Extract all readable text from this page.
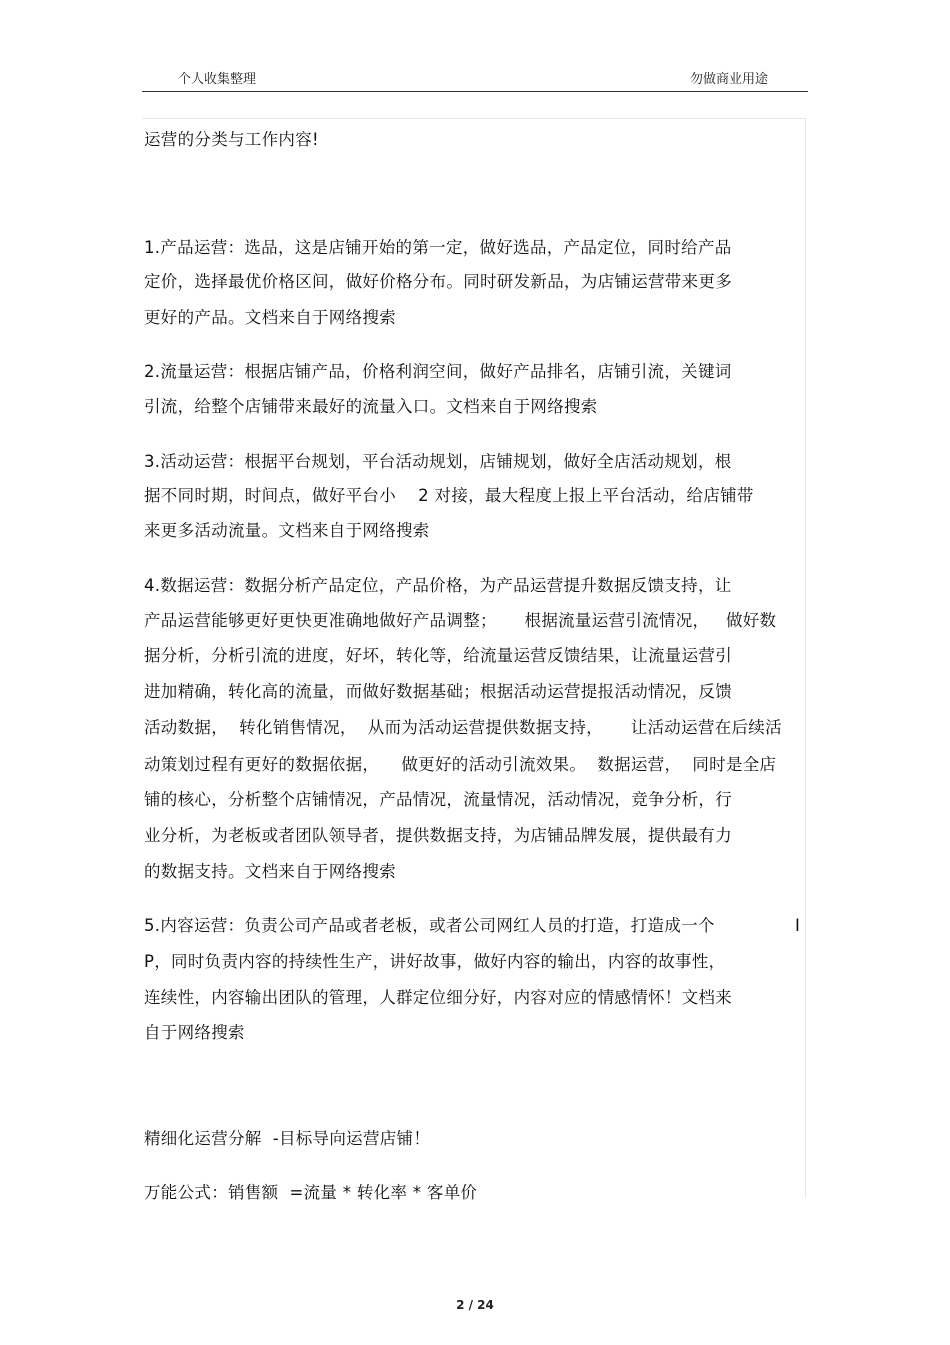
个人收集整理	勿做商业用途
运营的分类与工作内容!
1.产品运营：选品，这是店铺开始的第一定，做好选品，产品定位，同时给产品
定价，选择最优价格区间，做好价格分布。同时研发新品，为店铺运营带来更多
更好的产品。文档来自于网络搜索
2.流量运营：根据店铺产品，价格利润空间，做好产品排名，店铺引流，关键词
引流，给整个店铺带来最好的流量入口。文档来自于网络搜索
3.活动运营：根据平台规划，平台活动规划，店铺规划，做好全店活动规划，根
据不同时期，时间点，做好平台小    2 对接，最大程度上报上平台活动，给店铺带
来更多活动流量。文档来自于网络搜索
4.数据运营：数据分析产品定位，产品价格，为产品运营提升数据反馈支持，让
产品运营能够更好更快更准确地做好产品调整；     根据流量运营引流情况，   做好数
据分析，分析引流的进度，好坏，转化等，给流量运营反馈结果，让流量运营引
进加精确，转化高的流量，而做好数据基础；根据活动运营提报活动情况，反馈
活动数据，  转化销售情况，  从而为活动运营提供数据支持，     让活动运营在后续活
动策划过程有更好的数据依据，    做更好的活动引流效果。  数据运营，  同时是全店
铺的核心，分析整个店铺情况，产品情况，流量情况，活动情况，竞争分析，行
业分析，为老板或者团队领导者，提供数据支持，为店铺品牌发展，提供最有力
的数据支持。文档来自于网络搜索
5.内容运营：负责公司产品或者老板，或者公司网红人员的打造，打造成一个	I
P，同时负责内容的持续性生产，讲好故事，做好内容的输出，内容的故事性，
连续性，内容输出团队的管理，人群定位细分好，内容对应的情感情怀！文档来
自于网络搜索
精细化运营分解  -目标导向运营店铺！
万能公式：销售额  =流量 * 转化率 * 客单价
2 / 24
